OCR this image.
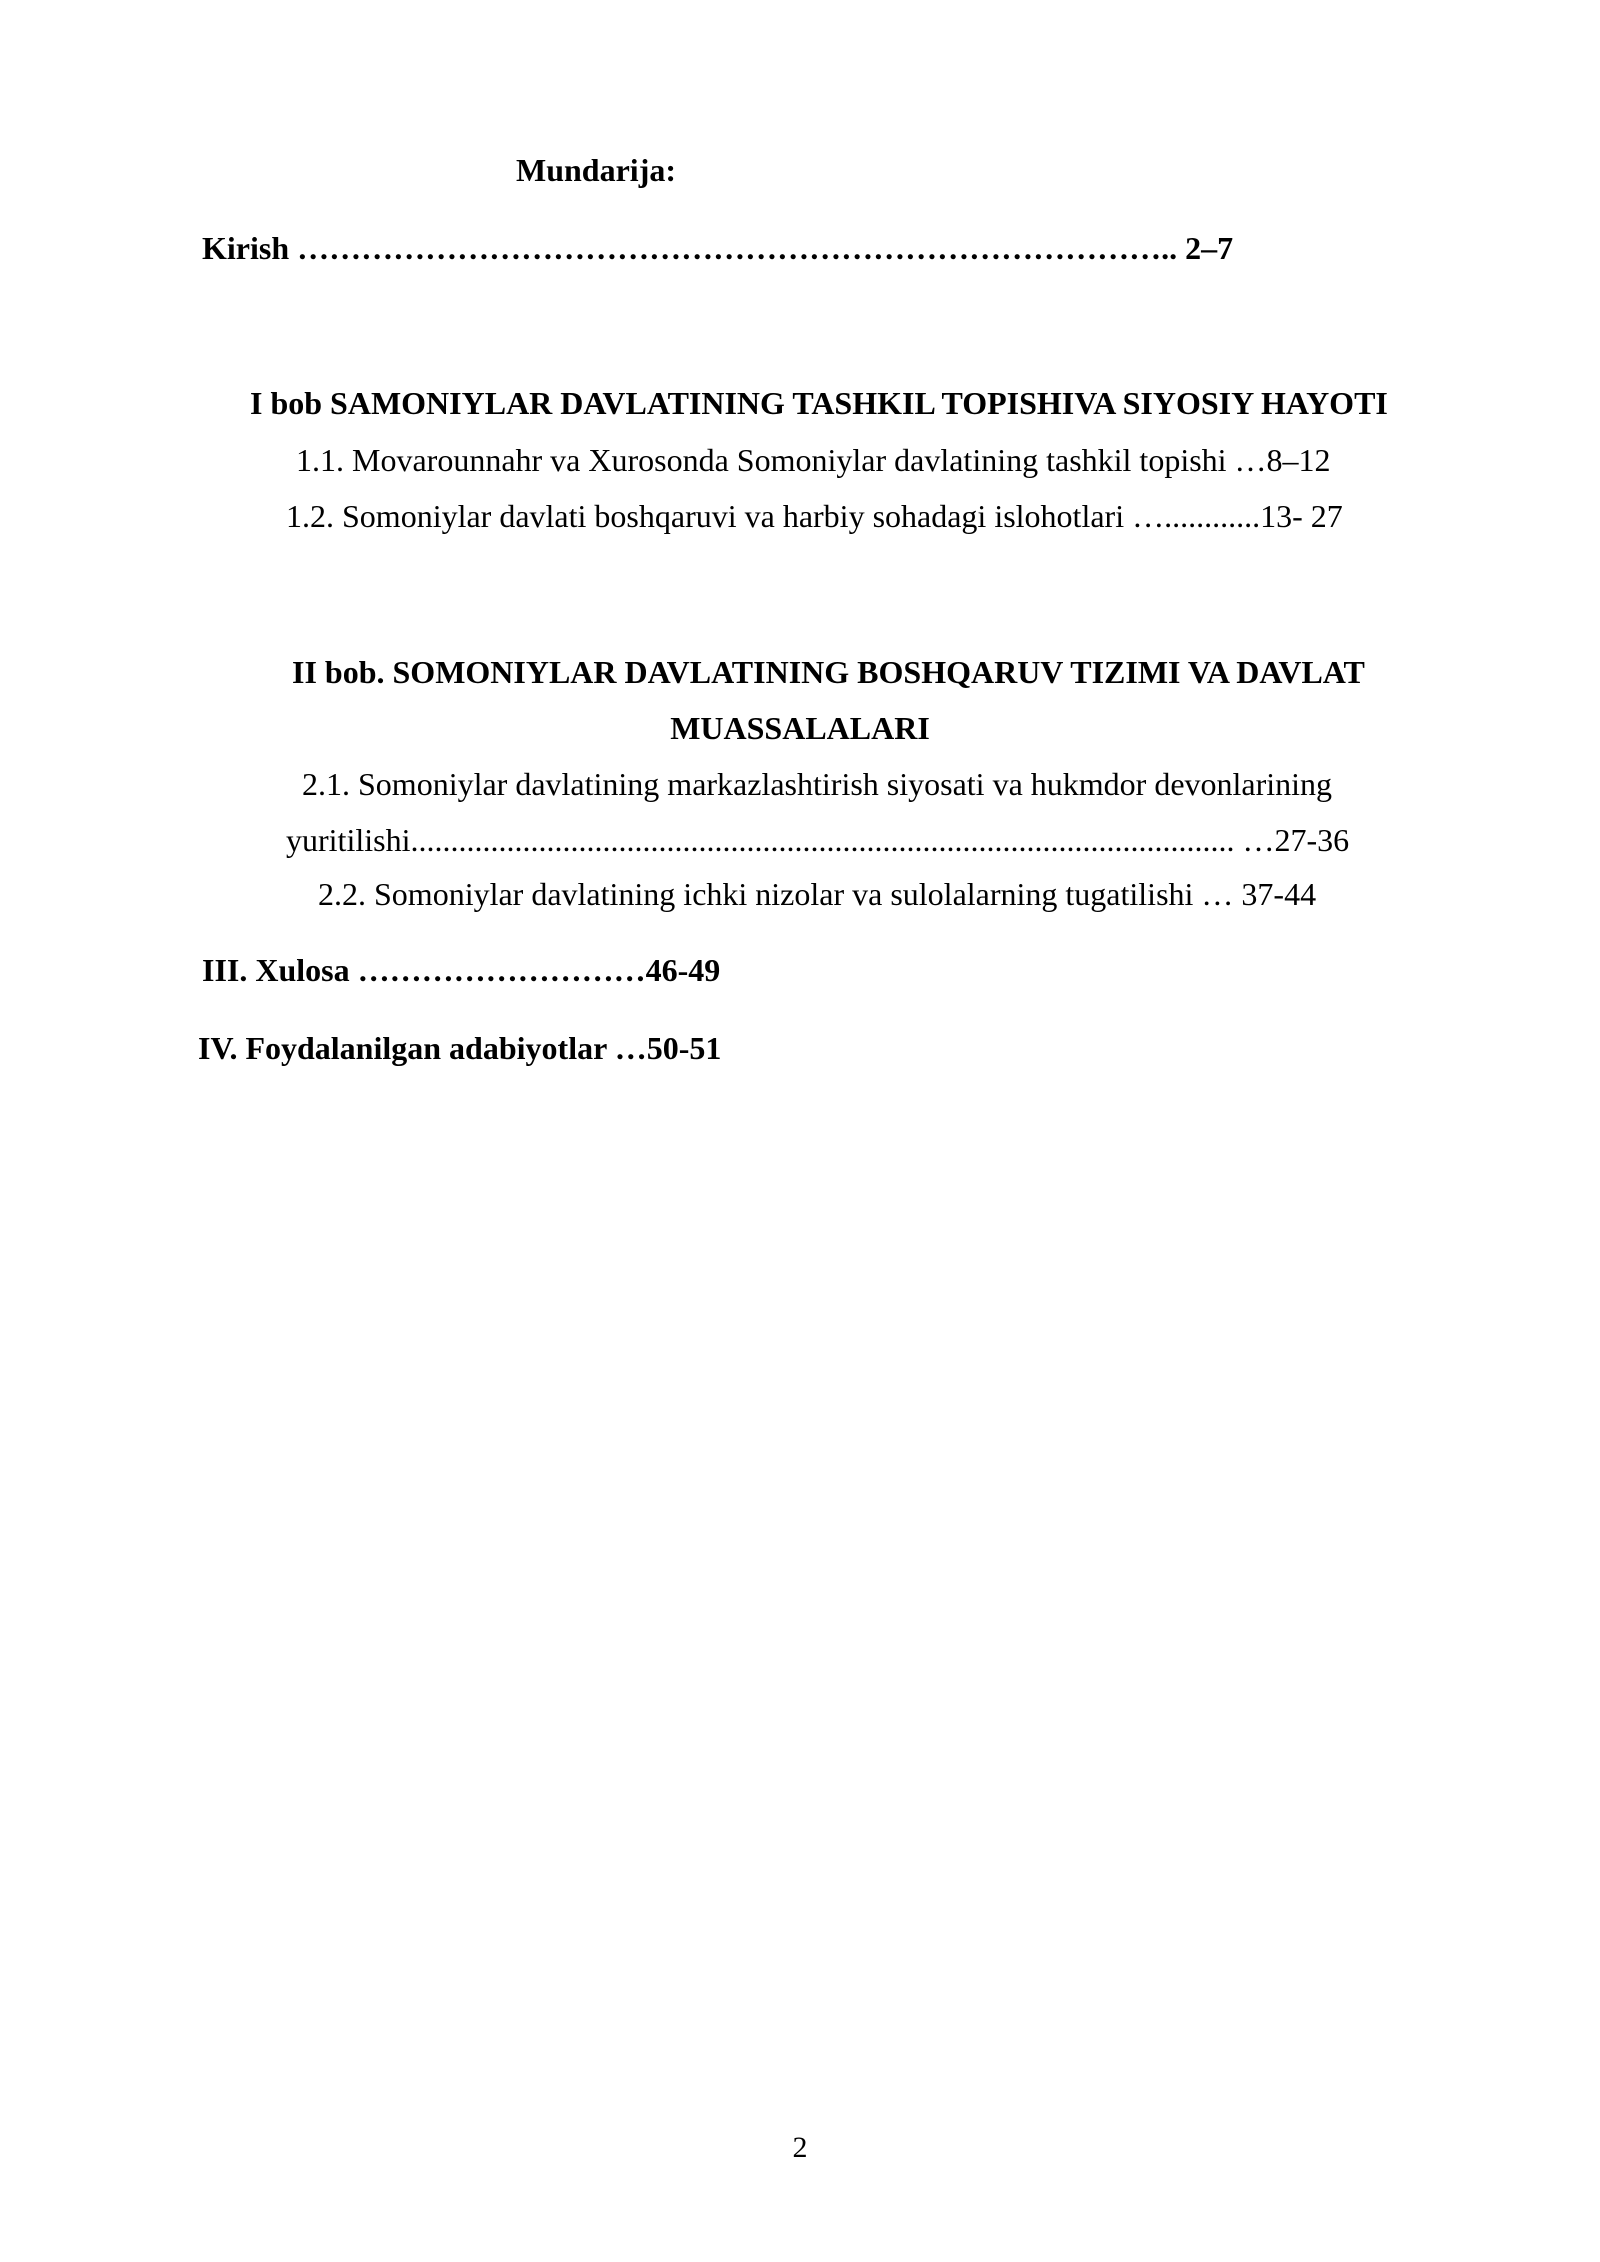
Mundarija:

Kirish ……………………………………………………………………….. 2–7

I bob SAMONIYLAR DAVLATINING TASHKIL TOPISHIVA SIYOSIY HAYOTI

1.1. Movarounnahr va Xurosonda Somoniylar davlatining tashkil topishi …8–12

1.2. Somoniylar davlati boshqaruvi va harbiy sohadagi islohotlari …............13- 27

II bob. SOMONIYLAR DAVLATINING BOSHQARUV TIZIMI VA DAVLAT

MUASSALALARI

2.1. Somoniylar davlatining markazlashtirish siyosati va hukmdor devonlarining

yuritilishi....................................................................................................... …27-36

2.2. Somoniylar davlatining ichki nizolar va sulolalarning tugatilishi … 37-44

III. Xulosa ………………………46-49

IV. Foydalanilgan adabiyotlar …50-51

2
